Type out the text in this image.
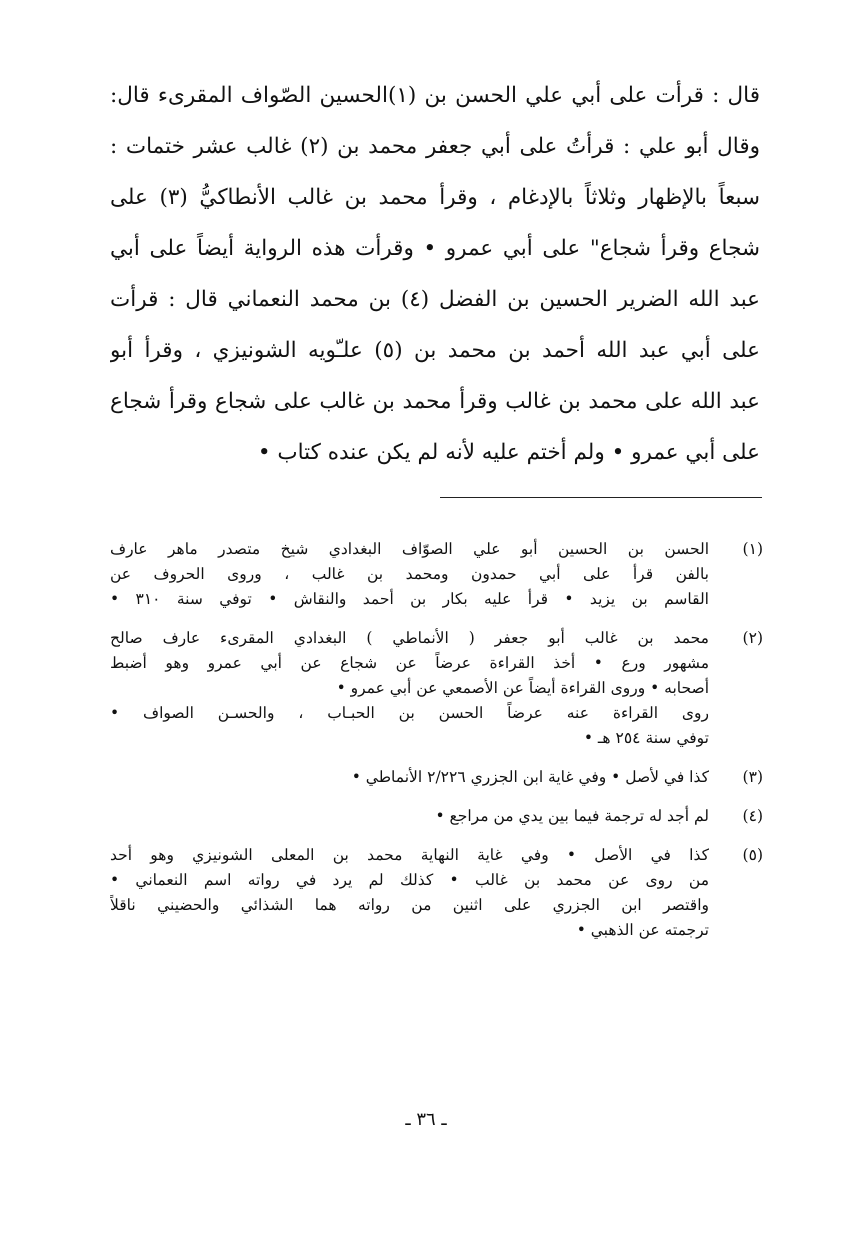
قال : قرأت على أبي علي الحسن بن (١)الحسين الصّواف المقرىء قال:
وقال أبو علي : قرأتُ على أبي جعفر محمد بن (٢) غالب عشر ختمات :
سبعاً بالإظهار وثلاثاً بالإدغام ، وقرأ محمد بن غالب الأنطاكيُّ (٣) على
شجاع وقرأ شجاع" على أبي عمرو • وقرأت هذه الرواية أيضاً على أبي
عبد الله الضرير الحسين بن الفضل (٤) بن محمد النعماني قال : قرأت
على أبي عبد الله أحمد بن محمد بن (٥) علـّويه الشونيزي ، وقرأ أبو
عبد الله على محمد بن غالب وقرأ محمد بن غالب على شجاع وقرأ شجاع
على أبي عمرو • ولم أختم عليه لأنه لم يكن عنده كتاب •
(١)
الحسن بن الحسين أبو علي الصوّاف البغدادي شيخ متصدر ماهر عارف
بالفن قرأ على أبي حمدون ومحمد بن غالب ، وروى الحروف عن
القاسم بن يزيد • قرأ عليه بكار بن أحمد والنقاش • توفي سنة ٣١٠ •
(٢)
محمد بن غالب أبو جعفر ( الأنماطي ) البغدادي المقرىء عارف صالح
مشهور ورع • أخذ القراءة عرضاً عن شجاع عن أبي عمرو وهو أضبط
أصحابه • وروى القراءة أيضاً عن الأصمعي عن أبي عمرو •
روى القراءة عنه عرضاً الحسن بن الحبـاب ، والحسـن الصواف •
توفي سنة ٢٥٤ هـ •
(٣)
كذا في لأصل • وفي غاية ابن الجزري ٢/٢٢٦ الأنماطي •
(٤)
لم أجد له ترجمة فيما بين يدي من مراجع •
(٥)
كذا في الأصل • وفي غاية النهاية محمد بن المعلى الشونيزي وهو أحد
من روى عن محمد بن غالب • كذلك لم يرد في رواته اسم النعماني •
واقتصر ابن الجزري على اثنين من رواته هما الشذائي والحضيني ناقلاً
ترجمته عن الذهبي •
ـ ٣٦ ـ
